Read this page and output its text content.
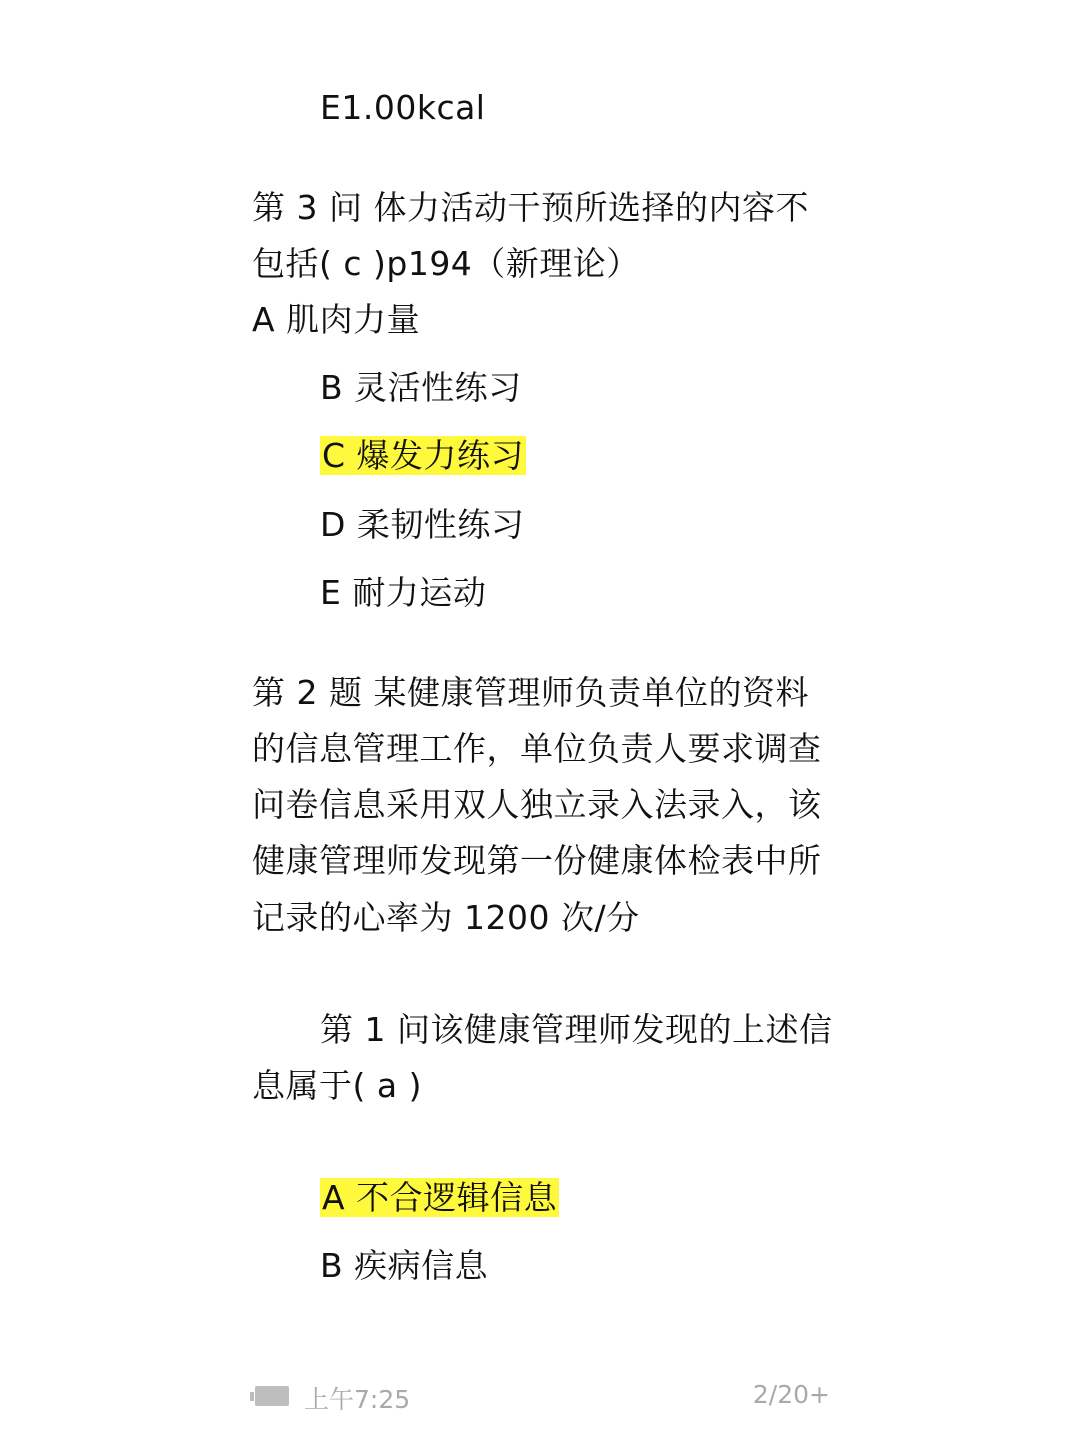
E1.00kcal
第 3 问 体力活动干预所选择的内容不
包括( c )p194（新理论）
A 肌肉力量
B 灵活性练习
C 爆发力练习
D 柔韧性练习
E 耐力运动
第 2 题 某健康管理师负责单位的资料
的信息管理工作，单位负责人要求调查
问卷信息采用双人独立录入法录入，该
健康管理师发现第一份健康体检表中所
记录的心率为 1200 次/分
第 1 问该健康管理师发现的上述信
息属于( a )
A 不合逻辑信息
B 疾病信息
上午7:25	2/20+
